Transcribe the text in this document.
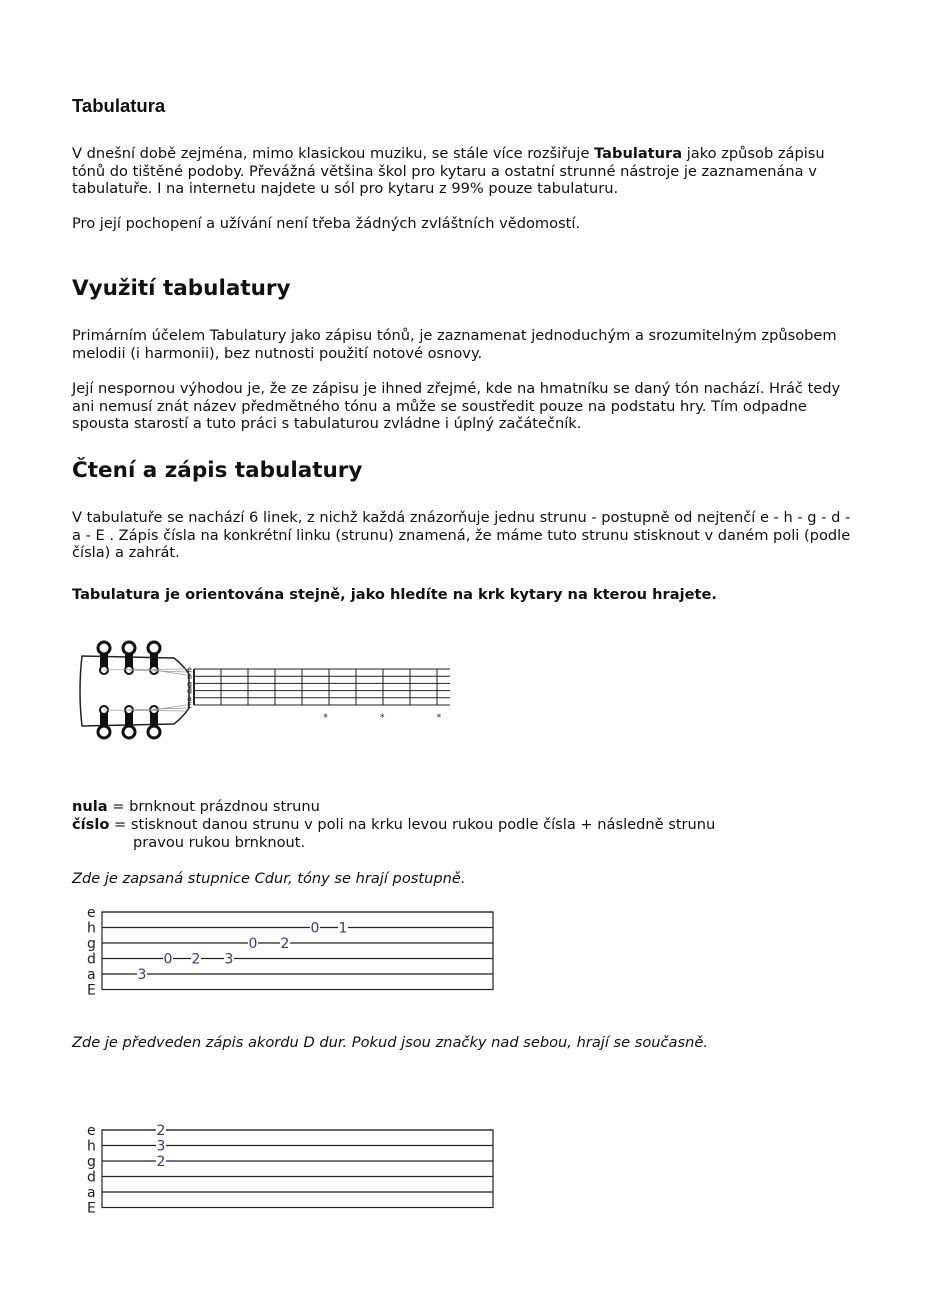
Tabulatura
V dnešní době zejména, mimo klasickou muziku, se stále více rozšiřuje Tabulatura jako způsob zápisu tónů do tištěné podoby. Převážná většina škol pro kytaru a ostatní strunné nástroje je zaznamenána v tabulatuře. I na internetu najdete u sól pro kytaru z 99% pouze tabulaturu.
Pro její pochopení a užívání není třeba žádných zvláštních vědomostí.
Využití tabulatury
Primárním účelem Tabulatury jako zápisu tónů, je zaznamenat jednoduchým a srozumitelným způsobem melodii (i harmonii), bez nutnosti použití notové osnovy.
Její nespornou výhodou je, že ze zápisu je ihned zřejmé, kde na hmatníku se daný tón nachází. Hráč tedy ani nemusí znát název předmětného tónu a může se soustředit pouze na podstatu hry. Tím odpadne spousta starostí a tuto práci s tabulaturou zvládne i úplný začátečník.
Čtení a zápis tabulatury
V tabulatuře se nachází 6 linek, z nichž každá znázorňuje jednu strunu - postupně od nejtenčí e - h - g - d - a - E . Zápis čísla na konkrétní linku (strunu) znamená, že máme tuto strunu stisknout v daném poli (podle čísla) a zahrát.
Tabulatura je orientována stejně, jako hledíte na krk kytary na kterou hrajete.
e
h
g
d
a
E
*	*	*
nula = brnknout prázdnou strunu
číslo = stisknout danou strunu v poli na krku levou rukou podle čísla + následně strunu
pravou rukou brnknout.
Zde je zapsaná stupnice Cdur, tóny se hrají postupně.
e
h
g
d
a
E
3
0 2 3
0 2
0 1
Zde je předveden zápis akordu D dur. Pokud jsou značky nad sebou, hrají se současně.
e
h
g
d
a
E
2
3
2
